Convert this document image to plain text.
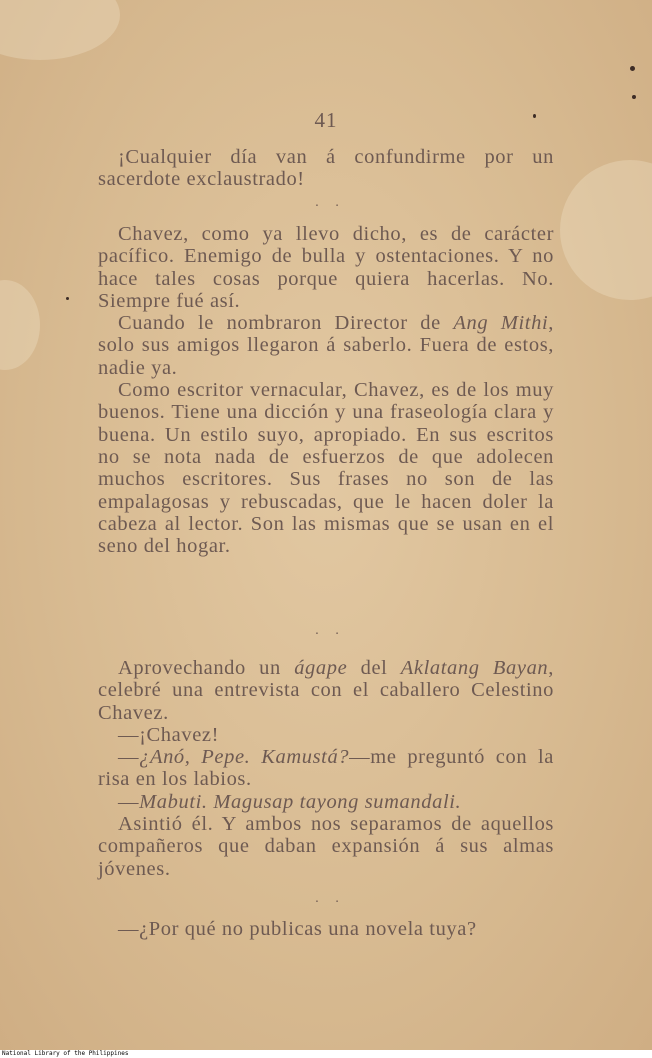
41

¡Cualquier día van á confundirme por un sacerdote exclaustrado!

· ·

Chavez, como ya llevo dicho, es de carácter pacífico. Enemigo de bulla y ostentaciones. Y no hace tales cosas porque quiera hacerlas. No. Siempre fué así.

Cuando le nombraron Director de Ang Mithi, solo sus amigos llegaron á saberlo. Fuera de estos, nadie ya.

Como escritor vernacular, Chavez, es de los muy buenos. Tiene una dicción y una fraseología clara y buena. Un estilo suyo, apropiado. En sus escritos no se nota nada de esfuerzos de que adolecen muchos escritores. Sus frases no son de las empalagosas y rebuscadas, que le hacen doler la cabeza al lector. Son las mismas que se usan en el seno del hogar.

· ·

Aprovechando un ágape del Aklatang Bayan, celebré una entrevista con el caballero Celestino Chavez.

—¡Chavez!

—¿Anó, Pepe. Kamustá?—me preguntó con la risa en los labios.

—Mabuti. Magusap tayong sumandali.

Asintió él. Y ambos nos separamos de aquellos compañeros que daban expansión á sus almas jóvenes.

· ·

—¿Por qué no publicas una novela tuya?

National Library of the Philippines
